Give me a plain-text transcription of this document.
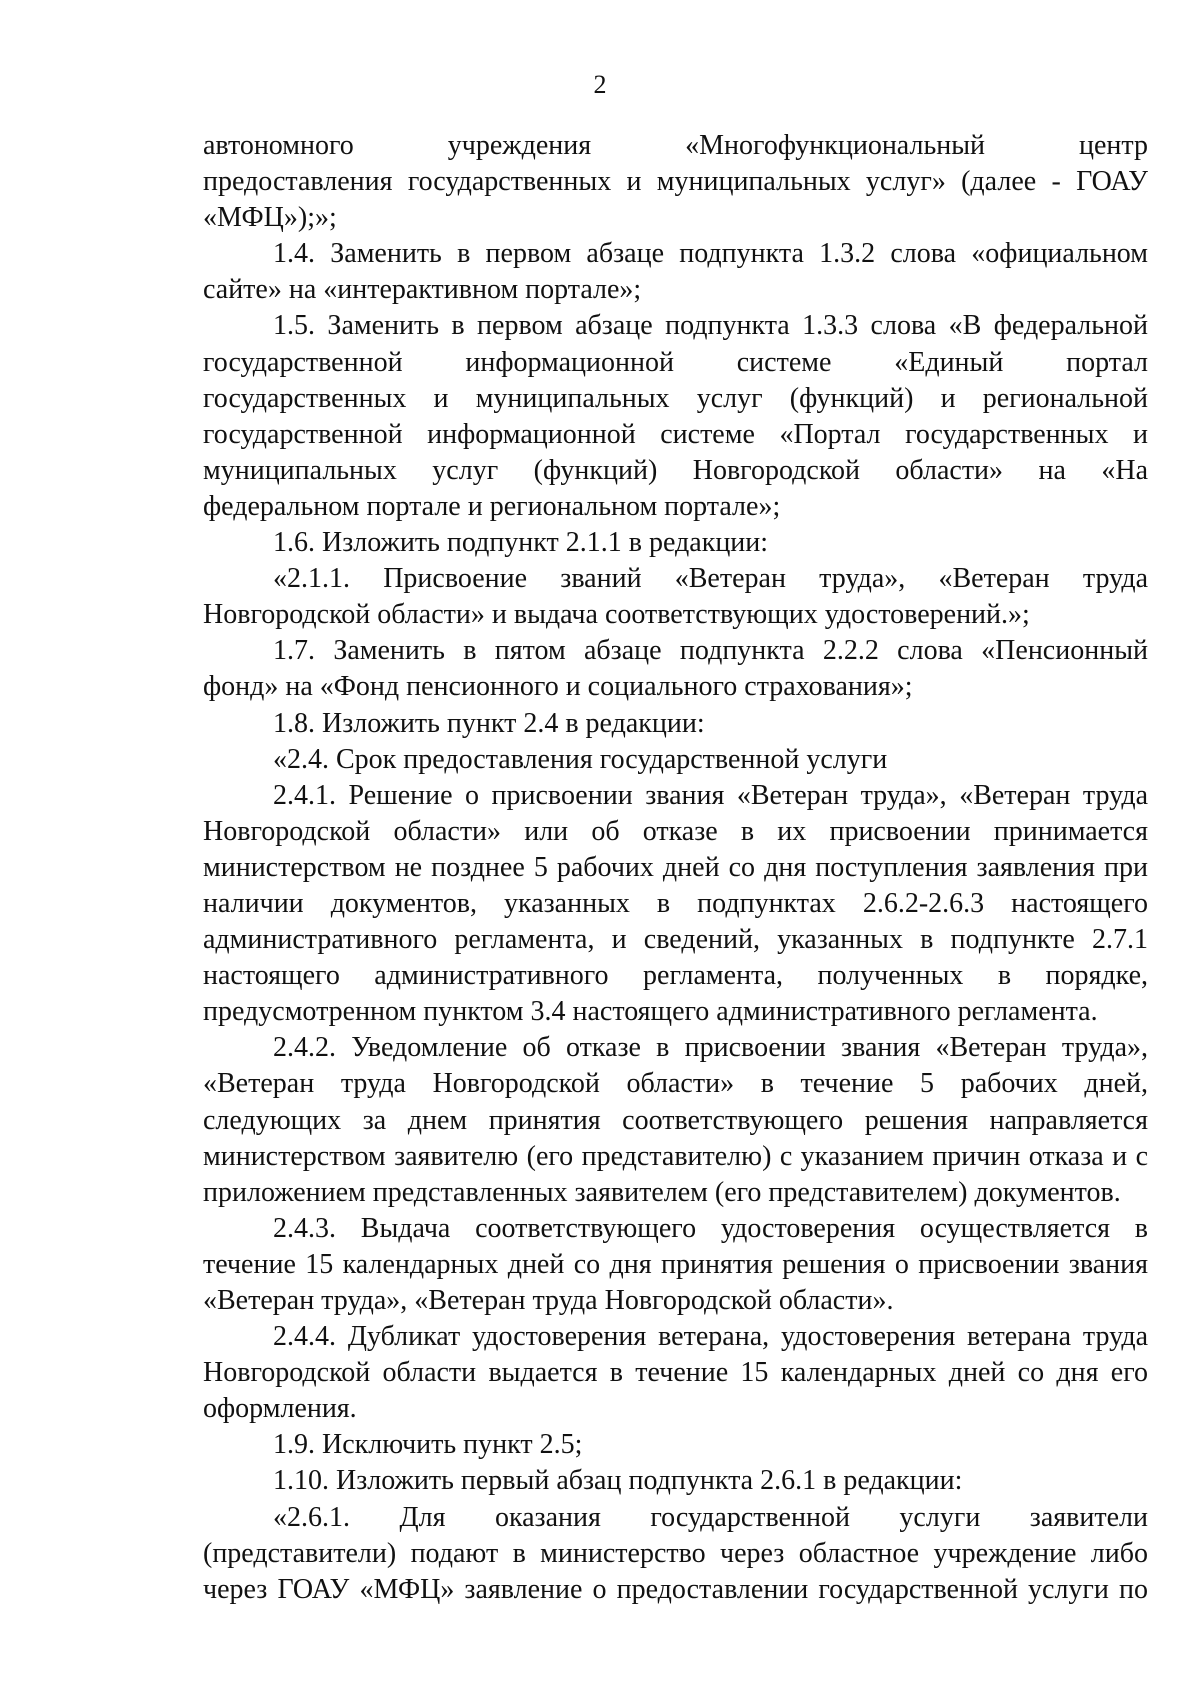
2
автономного учреждения «Многофункциональный центр
предоставления государственных и муниципальных услуг» (далее - ГОАУ
«МФЦ»);»;
1.4. Заменить в первом абзаце подпункта 1.3.2 слова «официальном
сайте» на «интерактивном портале»;
1.5. Заменить в первом абзаце подпункта 1.3.3 слова «В федеральной
государственной информационной системе «Единый портал
государственных и муниципальных услуг (функций) и региональной
государственной информационной системе «Портал государственных и
муниципальных услуг (функций) Новгородской области» на «На
федеральном портале и региональном портале»;
1.6. Изложить подпункт 2.1.1 в редакции:
«2.1.1. Присвоение званий «Ветеран труда», «Ветеран труда
Новгородской области» и выдача соответствующих удостоверений.»;
1.7. Заменить в пятом абзаце подпункта 2.2.2 слова «Пенсионный
фонд» на «Фонд пенсионного и социального страхования»;
1.8. Изложить пункт 2.4 в редакции:
«2.4. Срок предоставления государственной услуги
2.4.1. Решение о присвоении звания «Ветеран труда», «Ветеран труда
Новгородской области» или об отказе в их присвоении принимается
министерством не позднее 5 рабочих дней со дня поступления заявления при
наличии документов, указанных в подпунктах 2.6.2-2.6.3 настоящего
административного регламента, и сведений, указанных в подпункте 2.7.1
настоящего административного регламента, полученных в порядке,
предусмотренном пунктом 3.4 настоящего административного регламента.
2.4.2. Уведомление об отказе в присвоении звания «Ветеран труда»,
«Ветеран труда Новгородской области» в течение 5 рабочих дней,
следующих за днем принятия соответствующего решения направляется
министерством заявителю (его представителю) с указанием причин отказа и с
приложением представленных заявителем (его представителем) документов.
2.4.3. Выдача соответствующего удостоверения осуществляется в
течение 15 календарных дней со дня принятия решения о присвоении звания
«Ветеран труда», «Ветеран труда Новгородской области».
2.4.4. Дубликат удостоверения ветерана, удостоверения ветерана труда
Новгородской области выдается в течение 15 календарных дней со дня его
оформления.
1.9. Исключить пункт 2.5;
1.10. Изложить первый абзац подпункта 2.6.1 в редакции:
«2.6.1. Для оказания государственной услуги заявители
(представители) подают в министерство через областное учреждение либо
через ГОАУ «МФЦ» заявление о предоставлении государственной услуги по
